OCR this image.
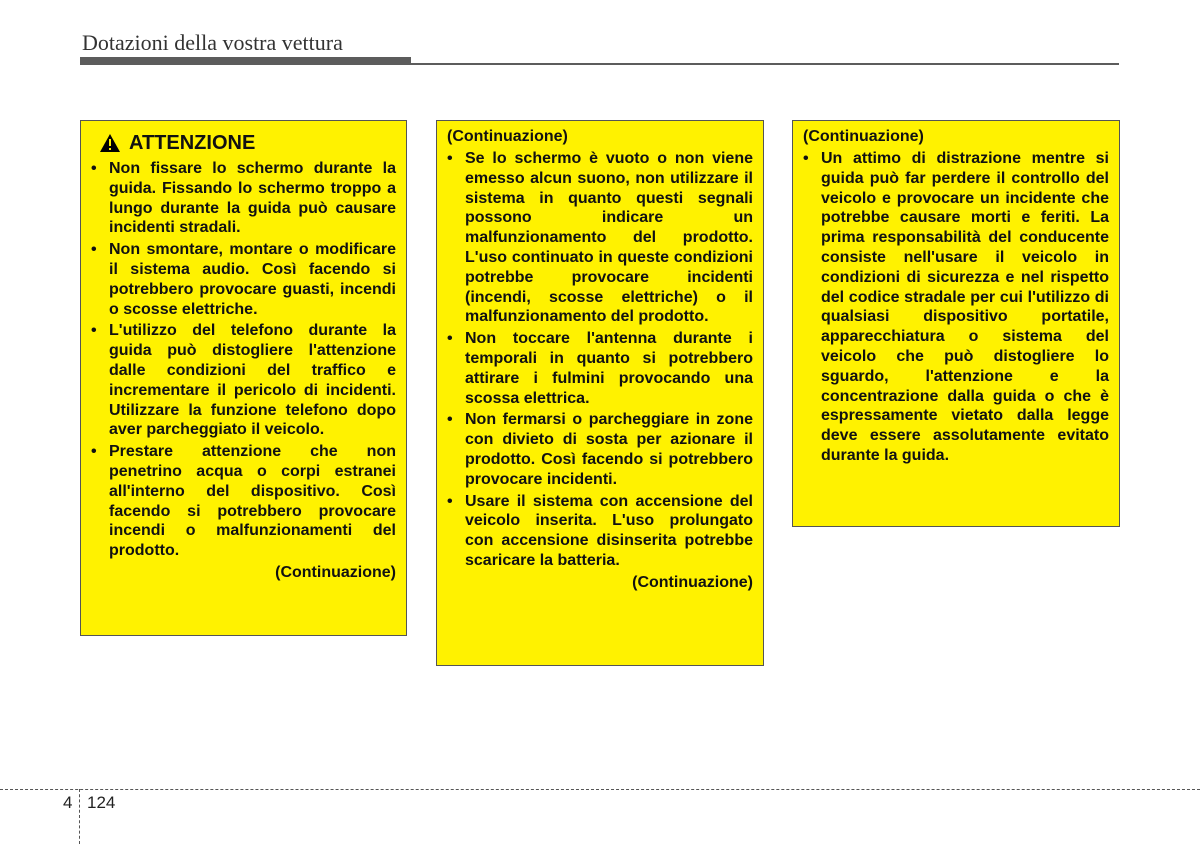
Dotazioni della vostra vettura
ATTENZIONE
• Non fissare lo schermo durante la guida. Fissando lo schermo troppo a lungo durante la guida può causare incidenti stradali.
• Non smontare, montare o modificare il sistema audio. Così facendo si potrebbero provocare guasti, incendi o scosse elettriche.
• L'utilizzo del telefono durante la guida può distogliere l'attenzione dalle condizioni del traffico e incrementare il pericolo di incidenti. Utilizzare la funzione telefono dopo aver parcheggiato il veicolo.
• Prestare attenzione che non penetrino acqua o corpi estranei all'interno del dispositivo. Così facendo si potrebbero provocare incendi o malfunzionamenti del prodotto.
(Continuazione)
(Continuazione)
• Se lo schermo è vuoto o non viene emesso alcun suono, non utilizzare il sistema in quanto questi segnali possono indicare un malfunzionamento del prodotto. L'uso continuato in queste condizioni potrebbe provocare incidenti (incendi, scosse elettriche) o il malfunzionamento del prodotto.
• Non toccare l'antenna durante i temporali in quanto si potrebbero attirare i fulmini provocando una scossa elettrica.
• Non fermarsi o parcheggiare in zone con divieto di sosta per azionare il prodotto. Così facendo si potrebbero provocare incidenti.
• Usare il sistema con accensione del veicolo inserita. L'uso prolungato con accensione disinserita potrebbe scaricare la batteria.
(Continuazione)
(Continuazione)
• Un attimo di distrazione mentre si guida può far perdere il controllo del veicolo e provocare un incidente che potrebbe causare morti e feriti. La prima responsabilità del conducente consiste nell'usare il veicolo in condizioni di sicurezza e nel rispetto del codice stradale per cui l'utilizzo di qualsiasi dispositivo portatile, apparecchiatura o sistema del veicolo che può distogliere lo sguardo, l'attenzione e la concentrazione dalla guida o che è espressamente vietato dalla legge deve essere assolutamente evitato durante la guida.
4 124
